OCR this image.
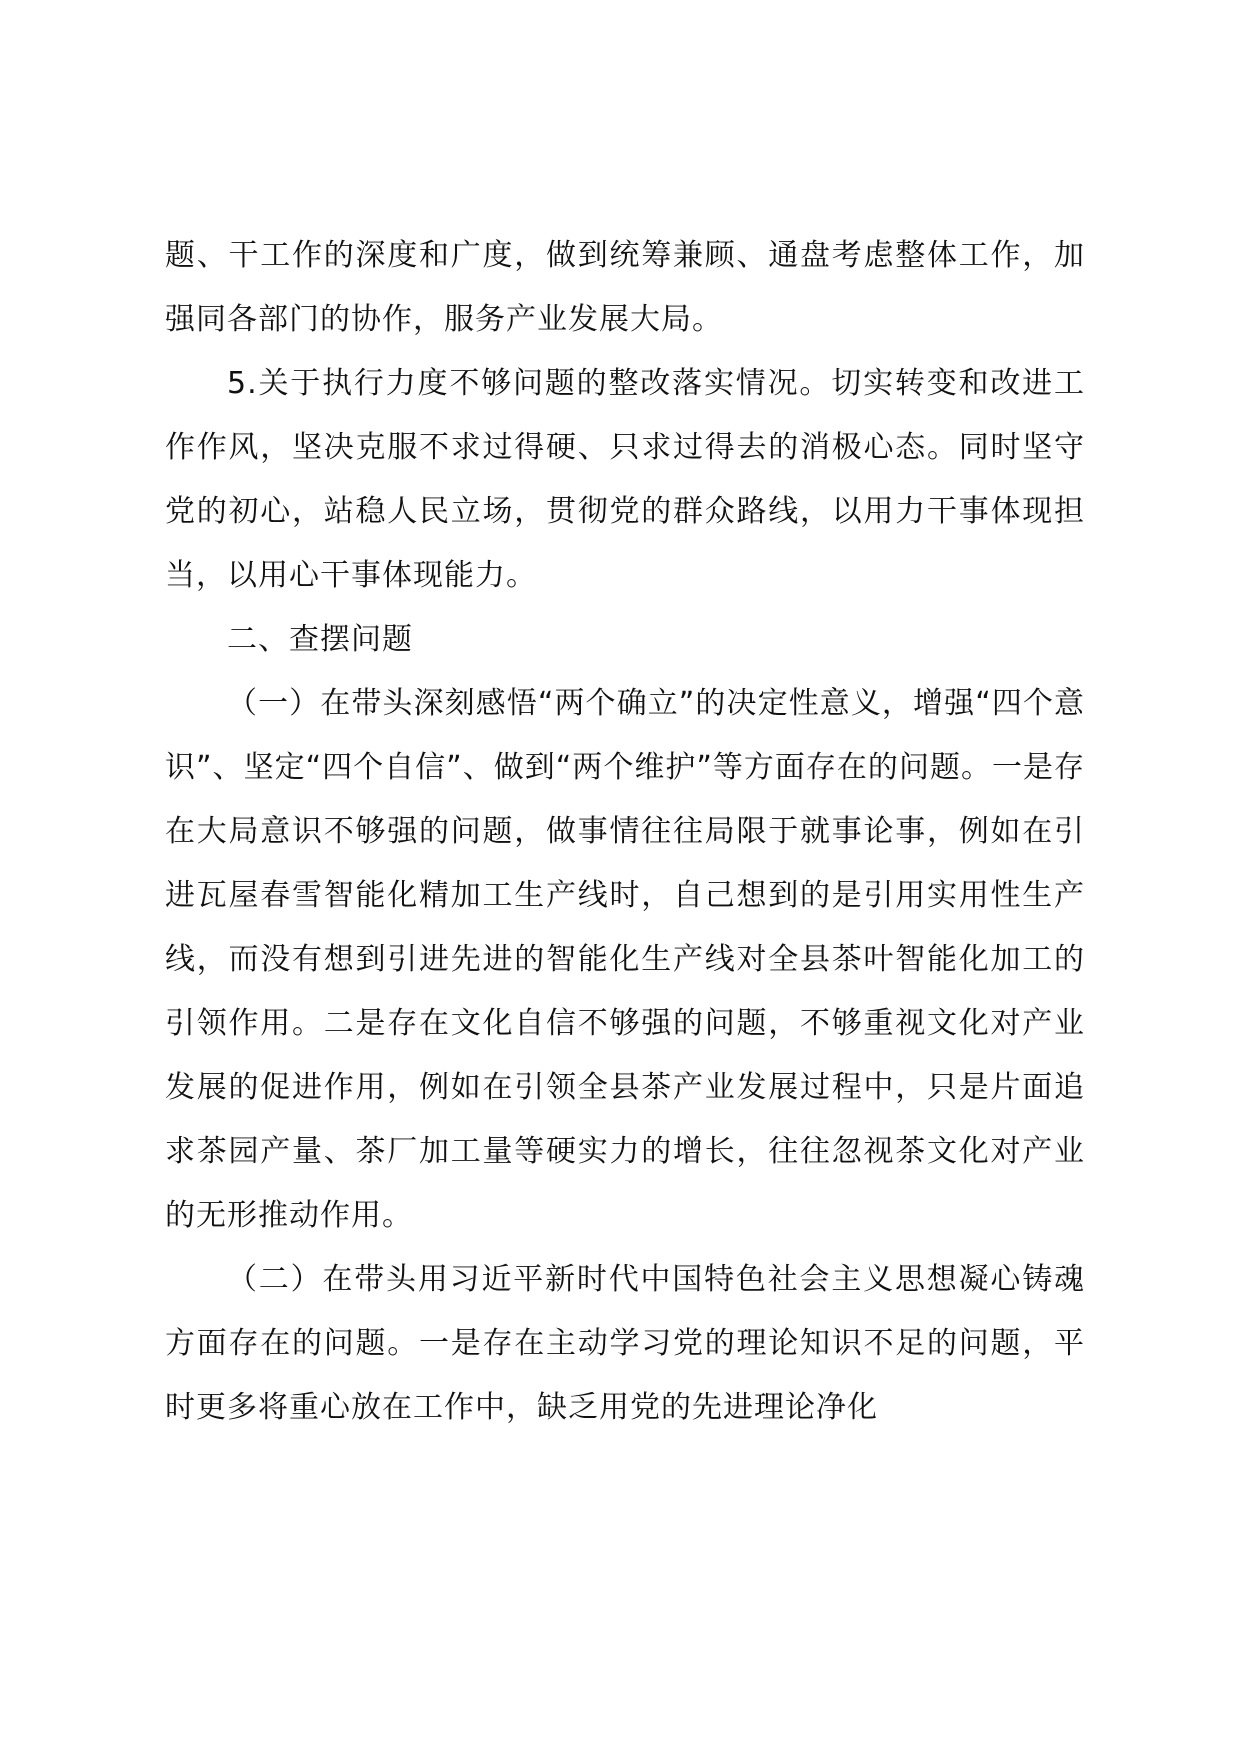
题、干工作的深度和广度，做到统筹兼顾、通盘考虑整体工作，加强同各部门的协作，服务产业发展大局。

5.关于执行力度不够问题的整改落实情况。切实转变和改进工作作风，坚决克服不求过得硬、只求过得去的消极心态。同时坚守党的初心，站稳人民立场，贯彻党的群众路线，以用力干事体现担当，以用心干事体现能力。

二、查摆问题

（一）在带头深刻感悟“两个确立”的决定性意义，增强“四个意识”、坚定“四个自信”、做到“两个维护”等方面存在的问题。一是存在大局意识不够强的问题，做事情往往局限于就事论事，例如在引进瓦屋春雪智能化精加工生产线时，自己想到的是引用实用性生产线，而没有想到引进先进的智能化生产线对全县茶叶智能化加工的引领作用。二是存在文化自信不够强的问题，不够重视文化对产业发展的促进作用，例如在引领全县茶产业发展过程中，只是片面追求茶园产量、茶厂加工量等硬实力的增长，往往忽视茶文化对产业的无形推动作用。

（二）在带头用习近平新时代中国特色社会主义思想凝心铸魂方面存在的问题。一是存在主动学习党的理论知识不足的问题，平时更多将重心放在工作中，缺乏用党的先进理论净化
